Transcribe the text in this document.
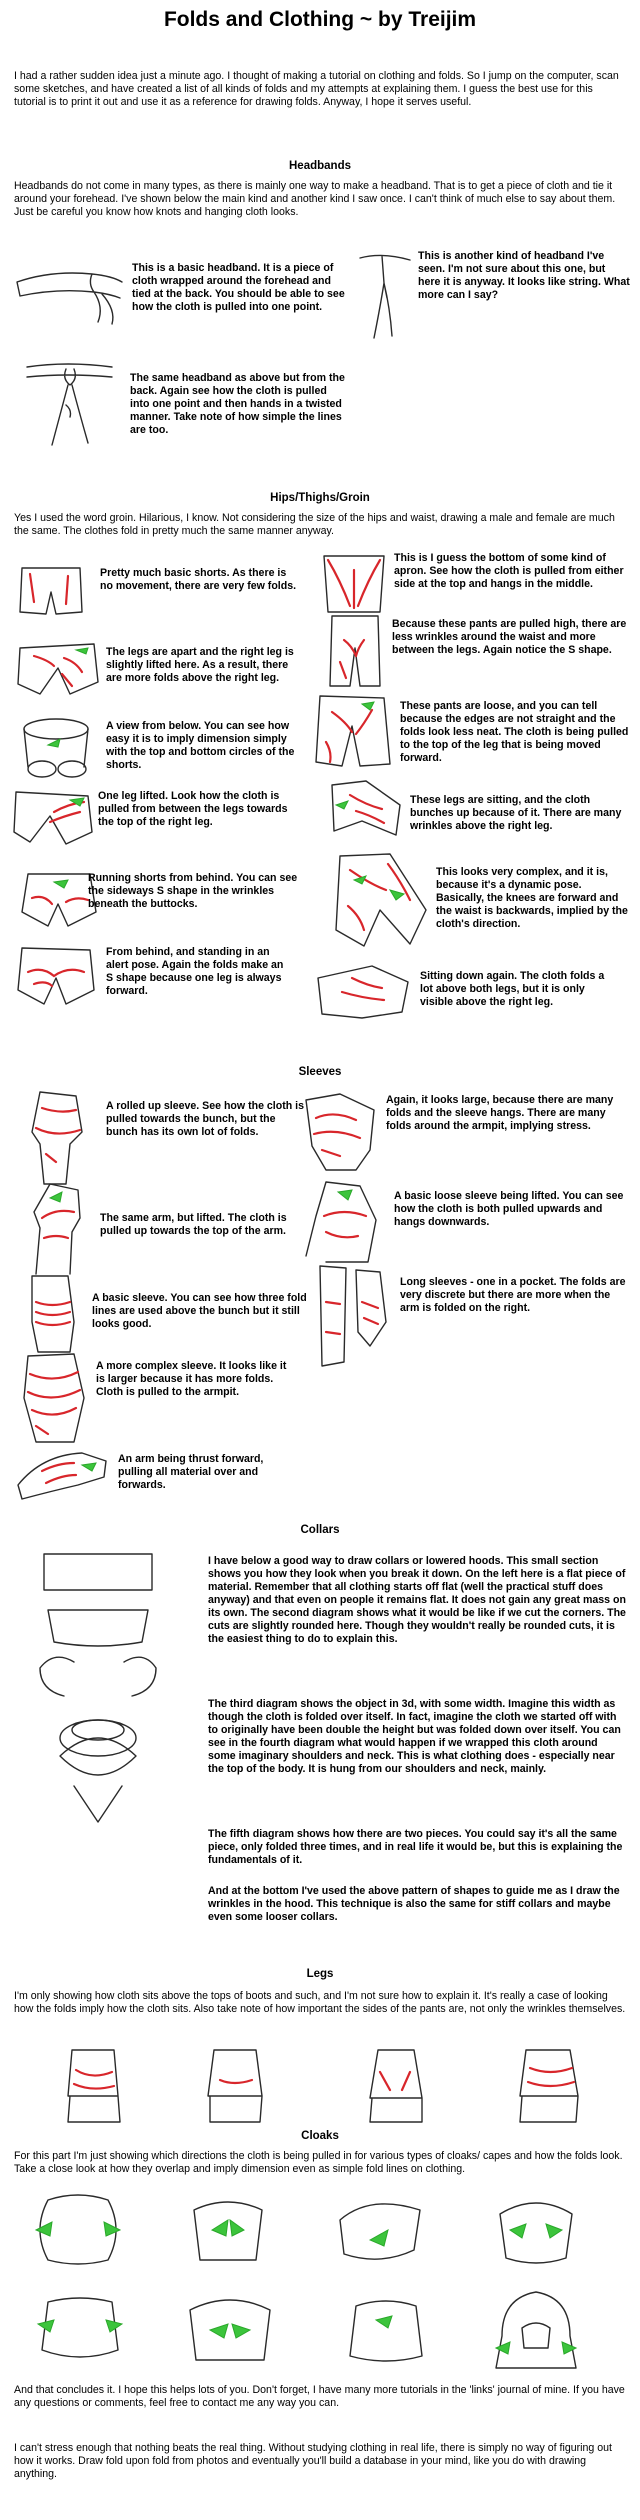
Folds and Clothing ~ by Treijim
I had a rather sudden idea just a minute ago. I thought of making a tutorial on clothing and folds. So I jump on the computer, scan some sketches, and have created a list of all kinds of folds and my attempts at explaining them. I guess the best use for this tutorial is to print it out and use it as a reference for drawing folds. Anyway, I hope it serves useful.
Headbands
Headbands do not come in many types, as there is mainly one way to make a headband. That is to get a piece of cloth and tie it around your forehead. I've shown below the main kind and another kind I saw once. I can't think of much else to say about them. Just be careful you know how knots and hanging cloth looks.
This is a basic headband. It is a piece of cloth wrapped around the forehead and tied at the back. You should be able to see how the cloth is pulled into one point.
This is another kind of headband I've seen. I'm not sure about this one, but here it is anyway. It looks like string. What more can I say?
The same headband as above but from the back. Again see how the cloth is pulled into one point and then hands in a twisted manner. Take note of how simple the lines are too.
Hips/Thighs/Groin
Yes I used the word groin. Hilarious, I know. Not considering the size of the hips and waist, drawing a male and female are much the same. The clothes fold in pretty much the same manner anyway.
Pretty much basic shorts. As there is no movement, there are very few folds.
The legs are apart and the right leg is slightly lifted here. As a result, there are more folds above the right leg.
A view from below. You can see how easy it is to imply dimension simply with the top and bottom circles of the shorts.
One leg lifted. Look how the cloth is pulled from between the legs towards the top of the right leg.
Running shorts from behind. You can see the sideways S shape in the wrinkles beneath the buttocks.
From behind, and standing in an alert pose. Again the folds make an S shape because one leg is always forward.
This is I guess the bottom of some kind of apron. See how the cloth is pulled from either side at the top and hangs in the middle.
Because these pants are pulled high, there are less wrinkles around the waist and more between the legs. Again notice the S shape.
These pants are loose, and you can tell because the edges are not straight and the folds look less neat. The cloth is being pulled to the top of the leg that is being moved forward.
These legs are sitting, and the cloth bunches up because of it. There are many wrinkles above the right leg.
This looks very complex, and it is, because it's a dynamic pose. Basically, the knees are forward and the waist is backwards, implied by the cloth's direction.
Sitting down again. The cloth folds a lot above both legs, but it is only visible above the right leg.
Sleeves
A rolled up sleeve. See how the cloth is pulled towards the bunch, but the bunch has its own lot of folds.
The same arm, but lifted. The cloth is pulled up towards the top of the arm.
A basic sleeve. You can see how three fold lines are used above the bunch but it still looks good.
A more complex sleeve. It looks like it is larger because it has more folds. Cloth is pulled to the armpit.
An arm being thrust forward, pulling all material over and forwards.
Again, it looks large, because there are many folds and the sleeve hangs. There are many folds around the armpit, implying stress.
A basic loose sleeve being lifted. You can see how the cloth is both pulled upwards and hangs downwards.
Long sleeves - one in a pocket. The folds are very discrete but there are more when the arm is folded on the right.
Collars
I have below a good way to draw collars or lowered hoods. This small section shows you how they look when you break it down. On the left here is a flat piece of material. Remember that all clothing starts off flat (well the practical stuff does anyway) and that even on people it remains flat. It does not gain any great mass on its own. The second diagram shows what it would be like if we cut the corners. The cuts are slightly rounded here. Though they wouldn't really be rounded cuts, it is the easiest thing to do to explain this.
The third diagram shows the object in 3d, with some width. Imagine this width as though the cloth is folded over itself. In fact, imagine the cloth we started off with to originally have been double the height but was folded down over itself. You can see in the fourth diagram what would happen if we wrapped this cloth around some imaginary shoulders and neck. This is what clothing does - especially near the top of the body. It is hung from our shoulders and neck, mainly.
The fifth diagram shows how there are two pieces. You could say it's all the same piece, only folded three times, and in real life it would be, but this is explaining the fundamentals of it.
And at the bottom I've used the above pattern of shapes to guide me as I draw the wrinkles in the hood. This technique is also the same for stiff collars and maybe even some looser collars.
Legs
I'm only showing how cloth sits above the tops of boots and such, and I'm not sure how to explain it. It's really a case of looking how the folds imply how the cloth sits. Also take note of how important the sides of the pants are, not only the wrinkles themselves.
Cloaks
For this part I'm just showing which directions the cloth is being pulled in for various types of cloaks/ capes and how the folds look. Take a close look at how they overlap and imply dimension even as simple fold lines on clothing.
And that concludes it. I hope this helps lots of you. Don't forget, I have many more tutorials in the 'links' journal of mine. If you have any questions or comments, feel free to contact me any way you can.
I can't stress enough that nothing beats the real thing. Without studying clothing in real life, there is simply no way of figuring out how it works. Draw fold upon fold from photos and eventually you'll build a database in your mind, like you do with drawing anything.
